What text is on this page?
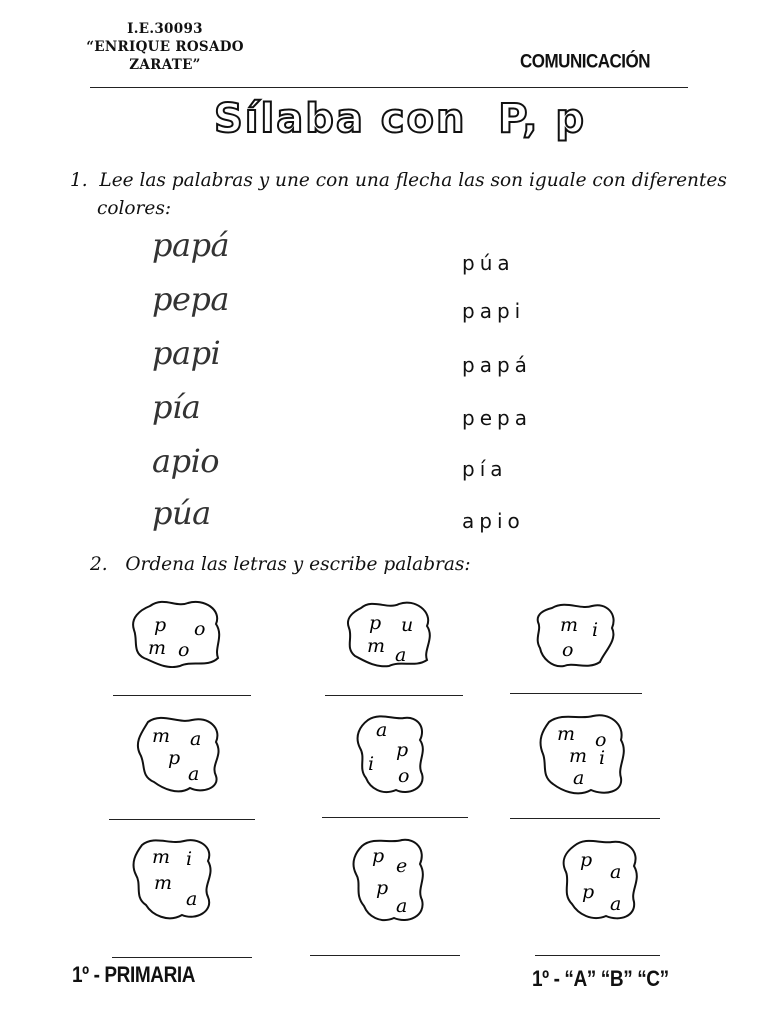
I.E.30093
“ENRIQUE ROSADO
ZARATE”	COMUNICACIÓN
Sílaba con  P, p
1. Lee las palabras y une con una flecha las son iguale con diferentes
colores:
papá
pepa
papi
pía
apio
púa
púa
papi
papá
pepa
pía
apio
2. Ordena las letras y escribe palabras:
p o
m o
p u
m a
m i
o
m a
p
a
a
p
i
o
m o
m i
a
m i
m
a
p e
p
a
p
a
p
a
1º - PRIMARIA	1º - “A” “B” “C”
